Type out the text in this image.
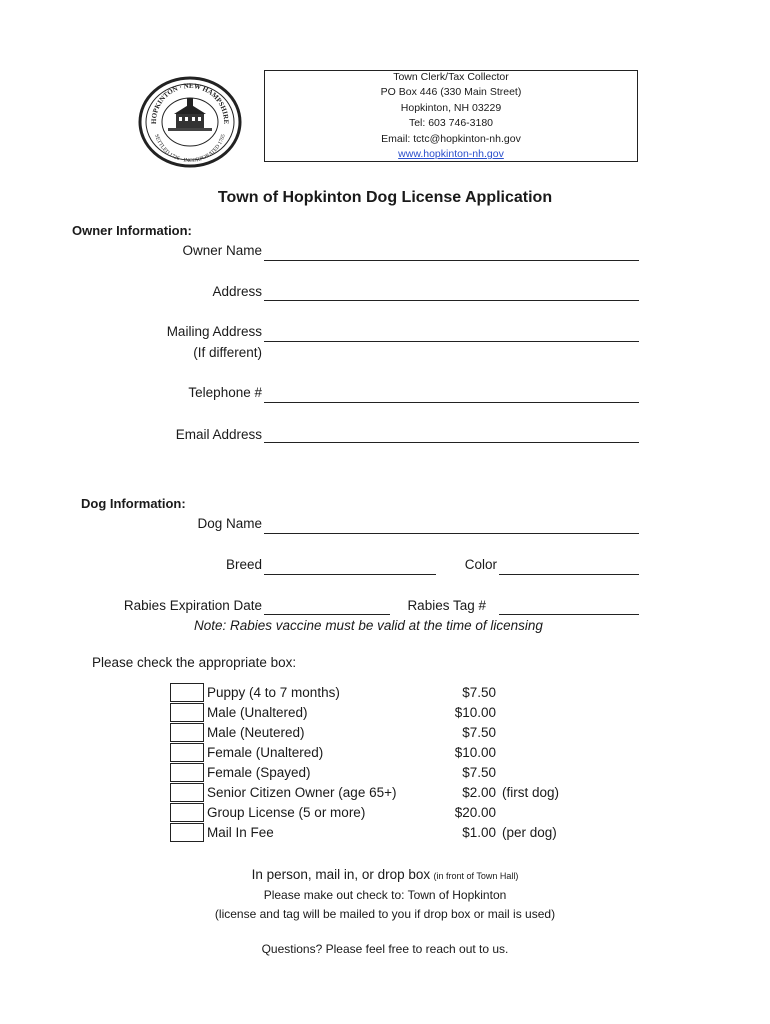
HOPKINTON · NEW HAMPSHIRE
SETTLED 1736 · INCORPORATED 1765
Town Clerk/Tax Collector
PO Box 446 (330 Main Street)
Hopkinton, NH 03229
Tel: 603 746-3180
Email: tctc@hopkinton-nh.gov
www.hopkinton-nh.gov
Town of Hopkinton Dog License Application
Owner Information:
Owner Name
Address
Mailing Address
(If different)
Telephone #
Email Address
Dog Information:
Dog Name
Breed	Color
Rabies Expiration Date	Rabies Tag #
Note: Rabies vaccine must be valid at the time of licensing
Please check the appropriate box:
Puppy (4 to 7 months)	$7.50
Male (Unaltered)	$10.00
Male (Neutered)	$7.50
Female (Unaltered)	$10.00
Female (Spayed)	$7.50
Senior Citizen Owner (age 65+)	$2.00 (first dog)
Group License (5 or more)	$20.00
Mail In Fee	$1.00 (per dog)
In person, mail in, or drop box (in front of Town Hall)
Please make out check to: Town of Hopkinton
(license and tag will be mailed to you if drop box or mail is used)
Questions? Please feel free to reach out to us.
